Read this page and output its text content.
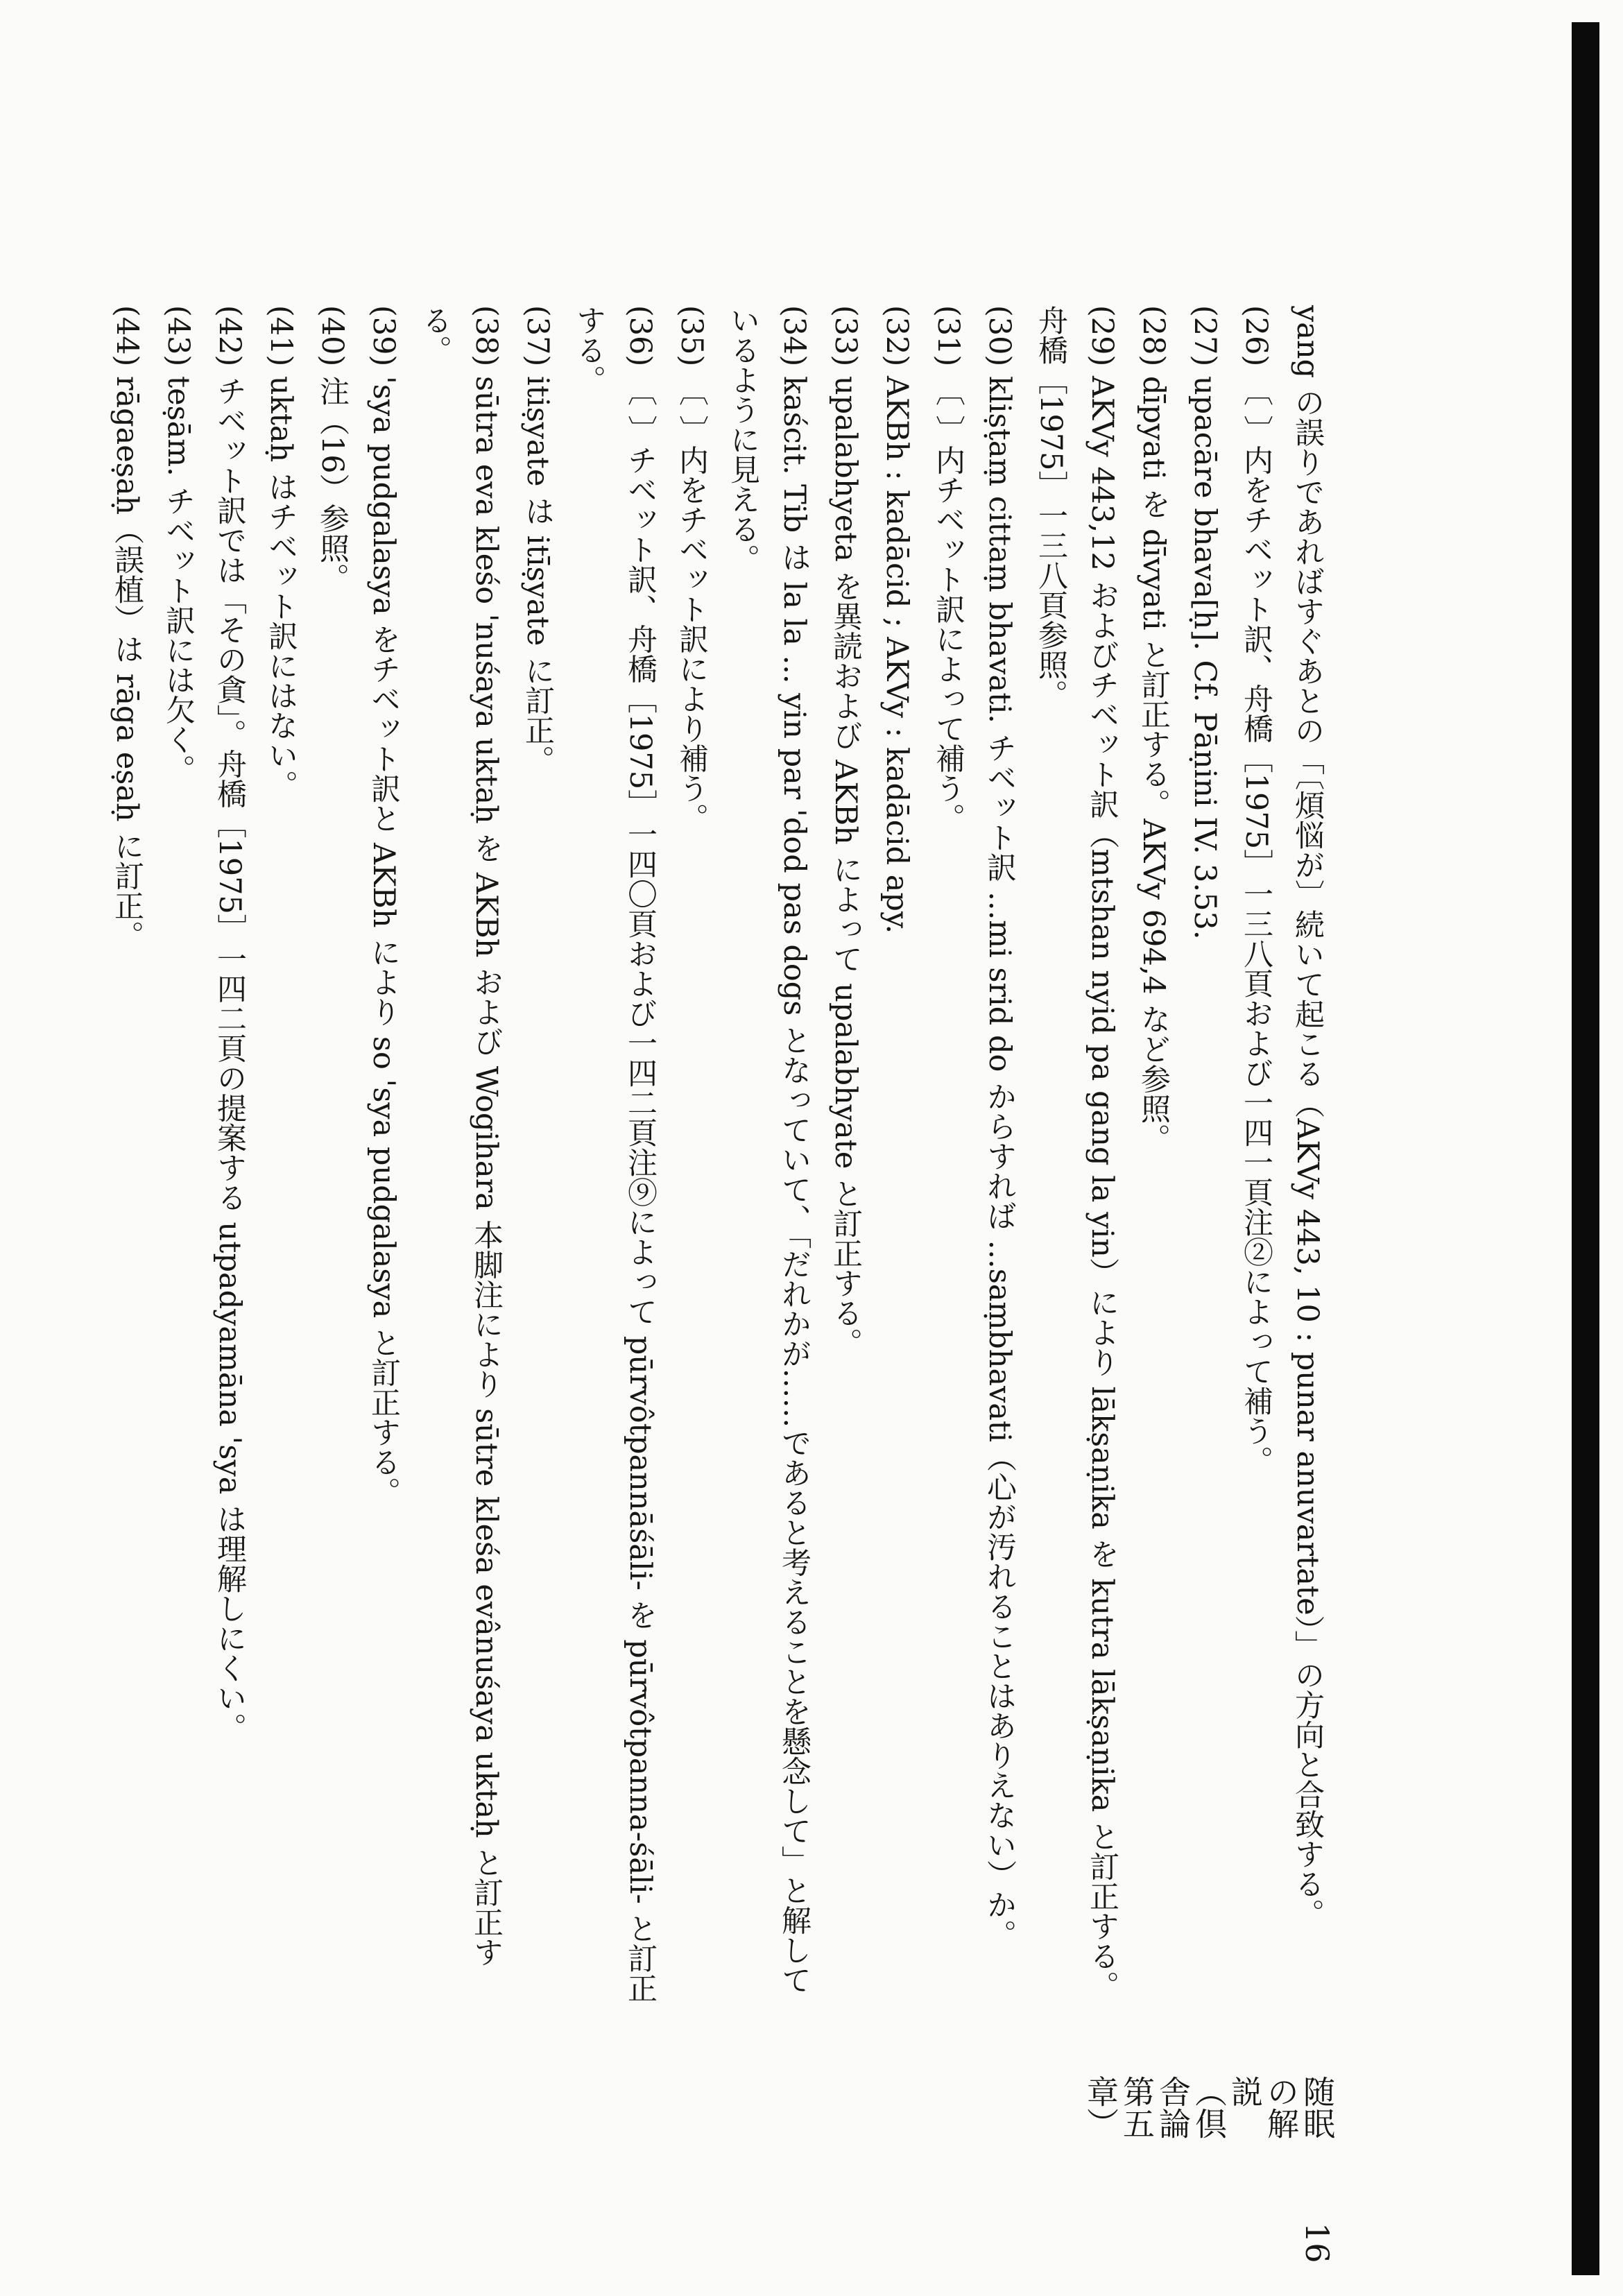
随眠の解説（倶舎論第五章）
16

yang の誤りであればすぐあとの「〔煩悩が〕続いて起こる（AKVy 443, 10 : punar anuvartate）」の方向と合致する。

(26) 〔 〕内をチベット訳、舟橋［1975］一三八頁および一四一頁注②によって補う。

(27) upacāre bhava[ḥ]. Cf. Pāṇini IV. 3.53.

(28) dīpyati を dīvyati と訂正する。AKVy 694,4 など参照。

(29) AKVy 443,12 およびチベット訳（mtshan nyid pa gang la yin）により lākṣaṇika を kutra lākṣaṇika と訂正する。舟橋［1975］一三八頁参照。

(30) kliṣṭaṃ cittaṃ bhavati. チベット訳 ...mi srid do からすれば ...saṃbhavati（心が汚れることはありえない）か。

(31) 〔 〕内チベット訳によって補う。

(32) AKBh : kadācid ; AKVy : kadācid apy.

(33) upalabhyeta を異読および AKBh によって upalabhyate と訂正する。

(34) kaścit. Tib は la la ... yin par 'dod pas dogs となっていて、「だれかが……であると考えることを懸念して」と解しているように見える。

(35) 〔 〕内をチベット訳により補う。

(36) 〔 〕チベット訳、舟橋［1975］一四〇頁および一四二頁注⑨によって pūrvôtpannāśāli- を pūrvôtpanna-śāli- と訂正する。

(37) itiṣyate は itīṣyate に訂正。

(38) sūtra eva kleśo 'nuśaya uktaḥ を AKBh および Wogihara 本脚注により sūtre kleśa evânuśaya uktaḥ と訂正する。

(39) 'sya pudgalasya をチベット訳と AKBh により so 'sya pudgalasya と訂正する。

(40) 注（16）参照。

(41) uktaḥ はチベット訳にはない。

(42) チベット訳では「その貪」。舟橋［1975］一四二頁の提案する utpadyamāna 'sya は理解しにくい。

(43) teṣām. チベット訳には欠く。

(44) rāgaeṣaḥ（誤植）は rāga eṣaḥ に訂正。
